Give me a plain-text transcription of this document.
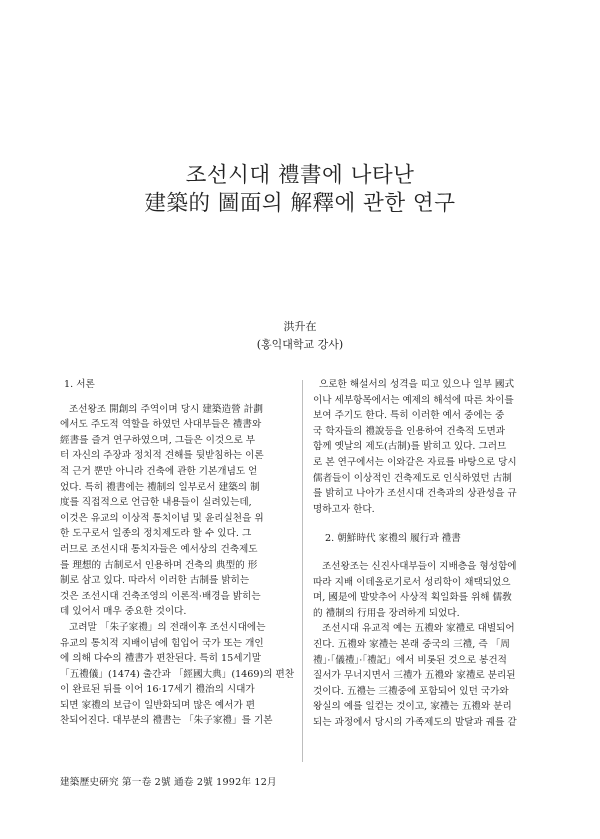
조선시대 禮書에 나타난
建築的 圖面의 解釋에 관한 연구
洪升在
(홍익대학교 강사)

1. 서론

조선왕조 開創의 주역이며 당시 建築造營 計劃

에서도 주도적 역할을 하였던 사대부들은 禮書와

經書를 즐겨 연구하였으며, 그들은 이것으로 부

터 자신의 주장과 정치적 견해를 뒷받침하는 이론

적 근거 뿐만 아니라 건축에 관한 기본개념도 얻

었다. 특히 禮書에는 禮制의 일부로서 建築의 制

度를 직접적으로 언급한 내용들이 실려있는데,

이것은 유교의 이상적 통치이념 및 윤리실천을 위

한 도구로서 일종의 정치제도라 할 수 있다. 그

러므로 조선시대 통치자들은 예서상의 건축제도

를 理想的 古制로서 인용하며 건축의 典型的 形

制로 삼고 있다. 따라서 이러한 古制를 밝히는

것은 조선시대 건축조영의 이론적·배경을 밝히는

데 있어서 매우 중요한 것이다.

고려말 「朱子家禮」의 전래이후 조선시대에는

유교의 통치적 지배이념에 힘입어 국가 또는 개인

에 의해 다수의 禮書가 편찬된다. 특히 15세기말

「五禮儀」(1474) 출간과 「經國大典」(1469)의 편찬

이 완료된 뒤를 이어 16·17세기 禮治의 시대가

되면 家禮의 보급이 일반화되며 많은 예서가 편

찬되어진다. 대부분의 禮書는 「朱子家禮」를 기본

으로한 해설서의 성격을 띠고 있으나 일부 國式

이나 세부항목에서는 예제의 해석에 따른 차이를

보여 주기도 한다. 특히 이러한 예서 중에는 중

국 학자들의 禮說등을 인용하여 건축적 도면과

함께 옛날의 제도(古制)를 밝히고 있다. 그러므

로 본 연구에서는 이와같은 자료를 바탕으로 당시

儒者들이 이상적인 건축제도로 인식하였던 古制

를 밝히고 나아가 조선시대 건축과의 상관성을 규

명하고자 한다.

2. 朝鮮時代 家禮의 履行과 禮書

조선왕조는 신진사대부들이 지배층을 형성함에

따라 지배 이데올로기로서 성리학이 채택되었으

며, 國是에 발맞추어 사상적 획일화를 위해 儒敎

的 禮制의 行用을 장려하게 되었다.

조선시대 유교적 예는 五禮와 家禮로 대별되어

진다. 五禮와 家禮는 본래 중국의 三禮, 즉 「周

禮」·「儀禮」·「禮記」에서 비롯된 것으로 봉건적

질서가 무너지면서 三禮가 五禮와 家禮로 분리된

것이다. 五禮는 三禮중에 포함되어 있던 국가와

왕실의 예를 일컫는 것이고, 家禮는 五禮와 분리

되는 과정에서 당시의 가족제도의 발달과 궤를 같

建築歷史硏究 第一卷 2號 通卷 2號 1992年 12月
